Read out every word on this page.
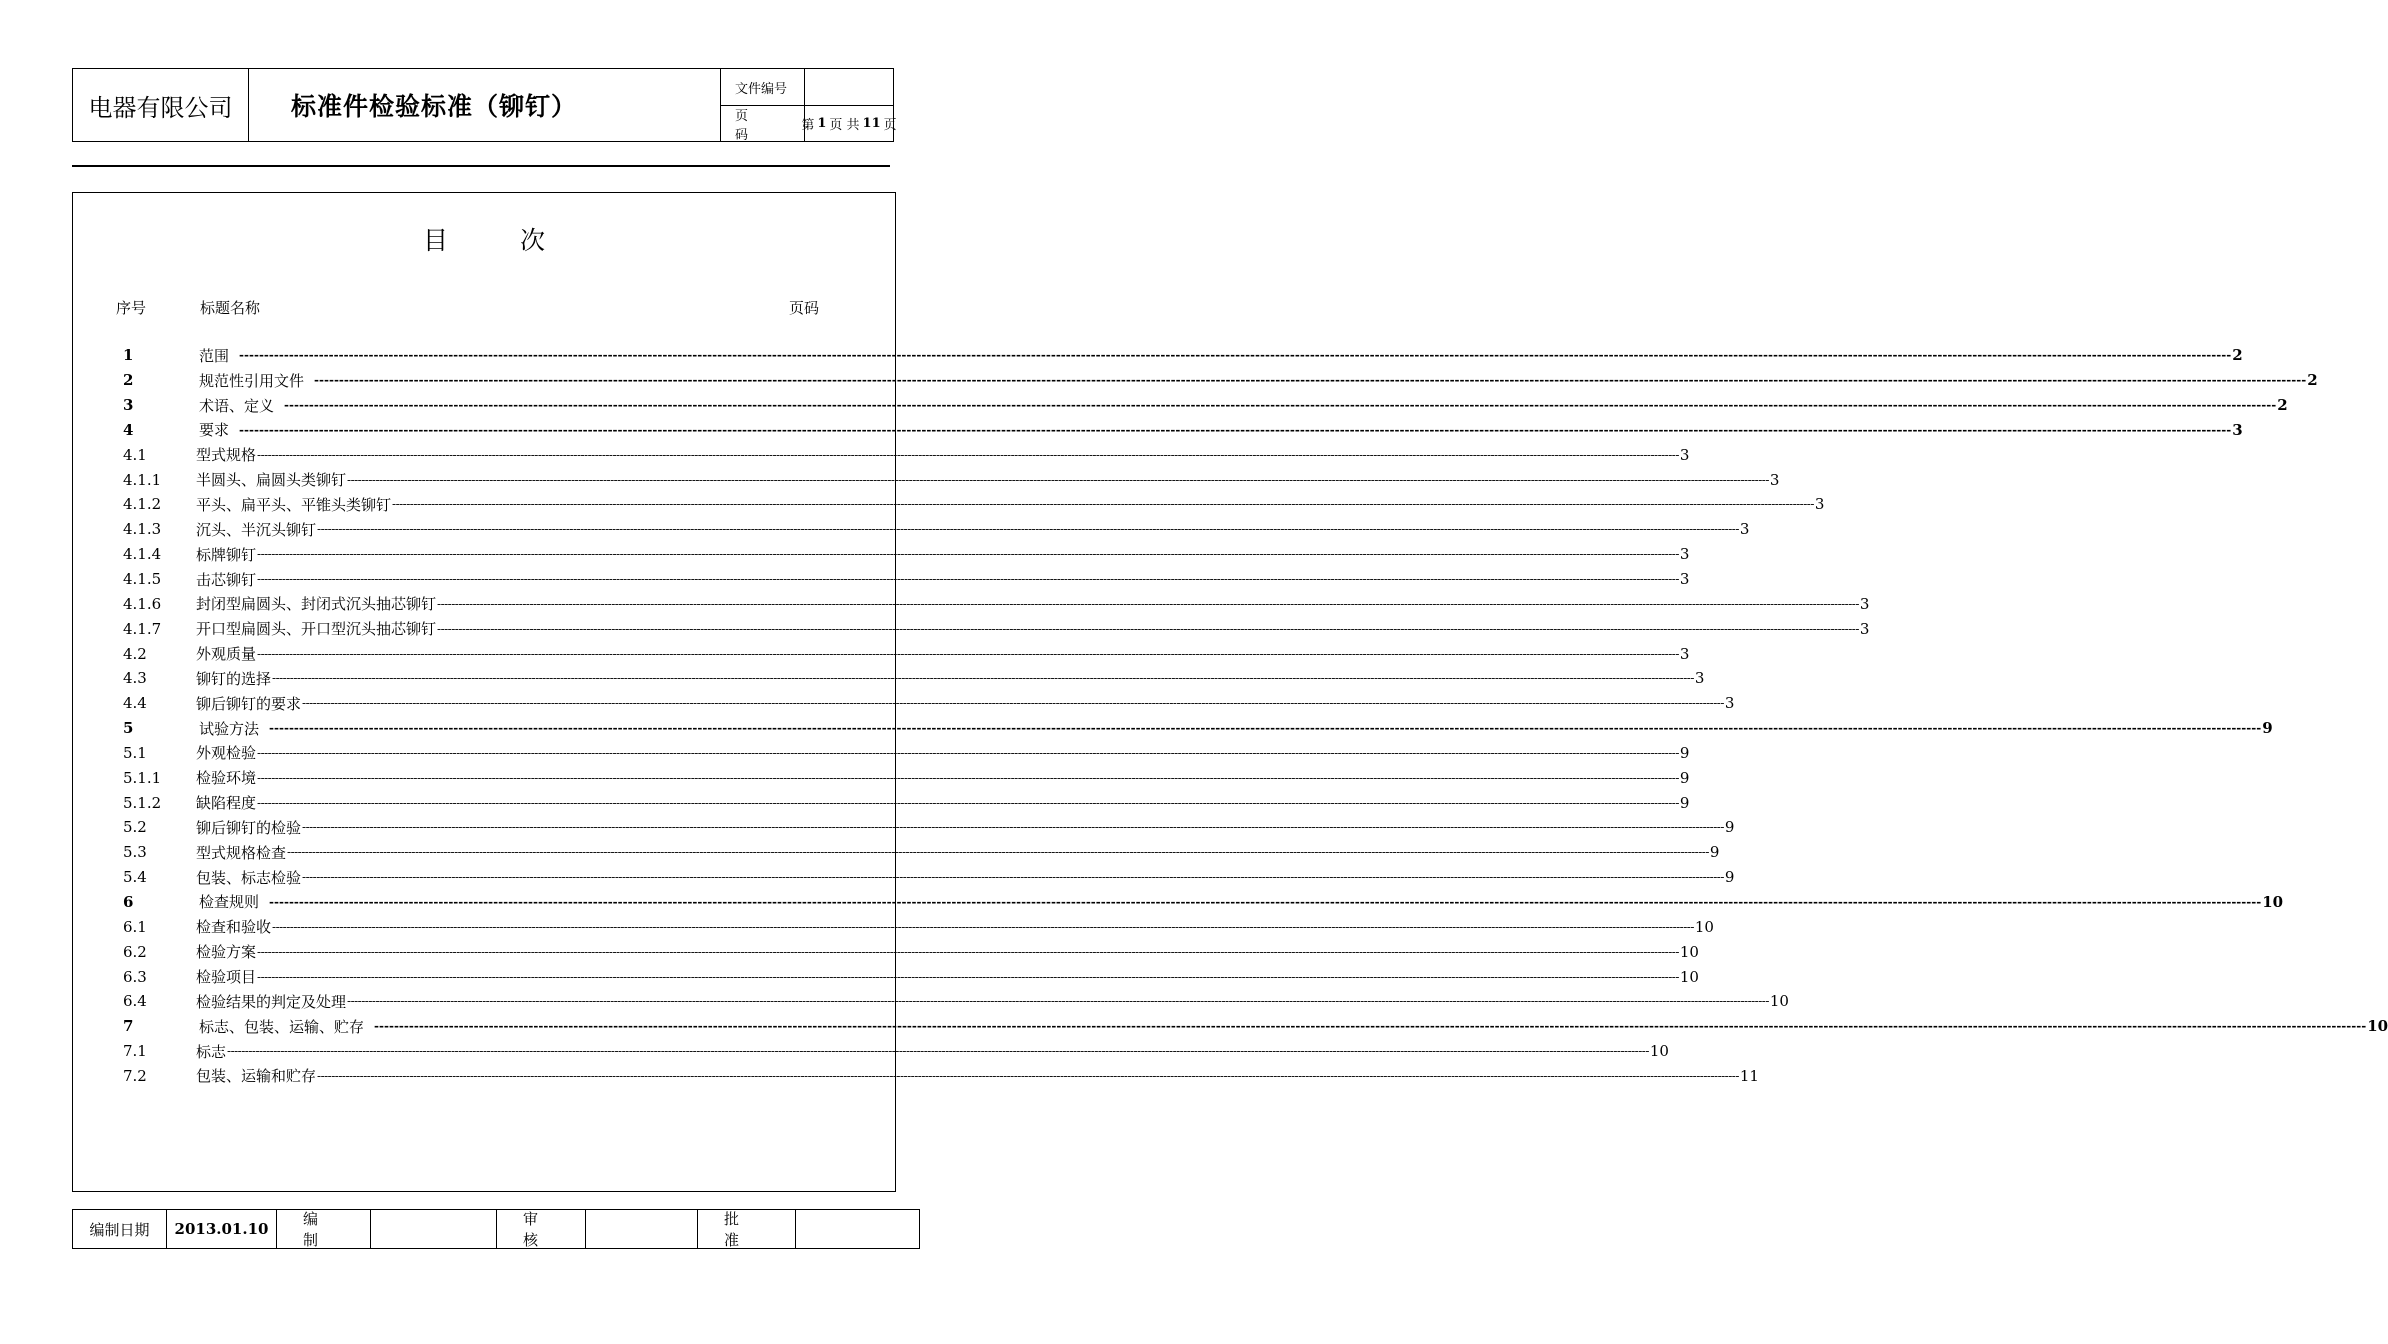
电器有限公司	标准件检验标准（铆钉）
文件编号
页码
第 1 页 共 11 页
目次
序号	标题名称	页码
1	范围 ---------------------------------------------------------------------------------------------------------------------------------------------------------------------------------------------------------------------------------------------------------------------------------------------------------------------------------------------------------------------------------------------------------------- 2
2	规范性引用文件 ---------------------------------------------------------------------------------------------------------------------------------------------------------------------------------------------------------------------------------------------------------------------------------------------------------------------------------------------------------------------------------------------------------------- 2
3	术语、定义 ---------------------------------------------------------------------------------------------------------------------------------------------------------------------------------------------------------------------------------------------------------------------------------------------------------------------------------------------------------------------------------------------------------------- 2
4	要求 ---------------------------------------------------------------------------------------------------------------------------------------------------------------------------------------------------------------------------------------------------------------------------------------------------------------------------------------------------------------------------------------------------------------- 3
4.1	型式规格 ---------------------------------------------------------------------------------------------------------------------------------------------------------------------------------------------------------------------------------------------------------------------------------------------------------------------------------------------------------------------------------------------------------------- 3
4.1.1	半圆头、扁圆头类铆钉 ---------------------------------------------------------------------------------------------------------------------------------------------------------------------------------------------------------------------------------------------------------------------------------------------------------------------------------------------------------------------------------------------------------------- 3
4.1.2	平头、扁平头、平锥头类铆钉 ---------------------------------------------------------------------------------------------------------------------------------------------------------------------------------------------------------------------------------------------------------------------------------------------------------------------------------------------------------------------------------------------------------------- 3
4.1.3	沉头、半沉头铆钉 ---------------------------------------------------------------------------------------------------------------------------------------------------------------------------------------------------------------------------------------------------------------------------------------------------------------------------------------------------------------------------------------------------------------- 3
4.1.4	标牌铆钉 ---------------------------------------------------------------------------------------------------------------------------------------------------------------------------------------------------------------------------------------------------------------------------------------------------------------------------------------------------------------------------------------------------------------- 3
4.1.5	击芯铆钉 ---------------------------------------------------------------------------------------------------------------------------------------------------------------------------------------------------------------------------------------------------------------------------------------------------------------------------------------------------------------------------------------------------------------- 3
4.1.6	封闭型扁圆头、封闭式沉头抽芯铆钉 ---------------------------------------------------------------------------------------------------------------------------------------------------------------------------------------------------------------------------------------------------------------------------------------------------------------------------------------------------------------------------------------------------------------- 3
4.1.7	开口型扁圆头、开口型沉头抽芯铆钉 ---------------------------------------------------------------------------------------------------------------------------------------------------------------------------------------------------------------------------------------------------------------------------------------------------------------------------------------------------------------------------------------------------------------- 3
4.2	外观质量 ---------------------------------------------------------------------------------------------------------------------------------------------------------------------------------------------------------------------------------------------------------------------------------------------------------------------------------------------------------------------------------------------------------------- 3
4.3	铆钉的选择 ---------------------------------------------------------------------------------------------------------------------------------------------------------------------------------------------------------------------------------------------------------------------------------------------------------------------------------------------------------------------------------------------------------------- 3
4.4	铆后铆钉的要求 ---------------------------------------------------------------------------------------------------------------------------------------------------------------------------------------------------------------------------------------------------------------------------------------------------------------------------------------------------------------------------------------------------------------- 3
5	试验方法 ---------------------------------------------------------------------------------------------------------------------------------------------------------------------------------------------------------------------------------------------------------------------------------------------------------------------------------------------------------------------------------------------------------------- 9
5.1	外观检验 ---------------------------------------------------------------------------------------------------------------------------------------------------------------------------------------------------------------------------------------------------------------------------------------------------------------------------------------------------------------------------------------------------------------- 9
5.1.1	检验环境 ---------------------------------------------------------------------------------------------------------------------------------------------------------------------------------------------------------------------------------------------------------------------------------------------------------------------------------------------------------------------------------------------------------------- 9
5.1.2	缺陷程度 ---------------------------------------------------------------------------------------------------------------------------------------------------------------------------------------------------------------------------------------------------------------------------------------------------------------------------------------------------------------------------------------------------------------- 9
5.2	铆后铆钉的检验 ---------------------------------------------------------------------------------------------------------------------------------------------------------------------------------------------------------------------------------------------------------------------------------------------------------------------------------------------------------------------------------------------------------------- 9
5.3	型式规格检查 ---------------------------------------------------------------------------------------------------------------------------------------------------------------------------------------------------------------------------------------------------------------------------------------------------------------------------------------------------------------------------------------------------------------- 9
5.4	包装、标志检验 ---------------------------------------------------------------------------------------------------------------------------------------------------------------------------------------------------------------------------------------------------------------------------------------------------------------------------------------------------------------------------------------------------------------- 9
6	检查规则 ---------------------------------------------------------------------------------------------------------------------------------------------------------------------------------------------------------------------------------------------------------------------------------------------------------------------------------------------------------------------------------------------------------------- 10
6.1	检查和验收 ---------------------------------------------------------------------------------------------------------------------------------------------------------------------------------------------------------------------------------------------------------------------------------------------------------------------------------------------------------------------------------------------------------------- 10
6.2	检验方案 ---------------------------------------------------------------------------------------------------------------------------------------------------------------------------------------------------------------------------------------------------------------------------------------------------------------------------------------------------------------------------------------------------------------- 10
6.3	检验项目 ---------------------------------------------------------------------------------------------------------------------------------------------------------------------------------------------------------------------------------------------------------------------------------------------------------------------------------------------------------------------------------------------------------------- 10
6.4	检验结果的判定及处理 ---------------------------------------------------------------------------------------------------------------------------------------------------------------------------------------------------------------------------------------------------------------------------------------------------------------------------------------------------------------------------------------------------------------- 10
7	标志、包装、运输、贮存 ---------------------------------------------------------------------------------------------------------------------------------------------------------------------------------------------------------------------------------------------------------------------------------------------------------------------------------------------------------------------------------------------------------------- 10
7.1	标志 ---------------------------------------------------------------------------------------------------------------------------------------------------------------------------------------------------------------------------------------------------------------------------------------------------------------------------------------------------------------------------------------------------------------- 10
7.2	包装、运输和贮存 ---------------------------------------------------------------------------------------------------------------------------------------------------------------------------------------------------------------------------------------------------------------------------------------------------------------------------------------------------------------------------------------------------------------- 11
编制日期	2013.01.10
编制
审核
批准
